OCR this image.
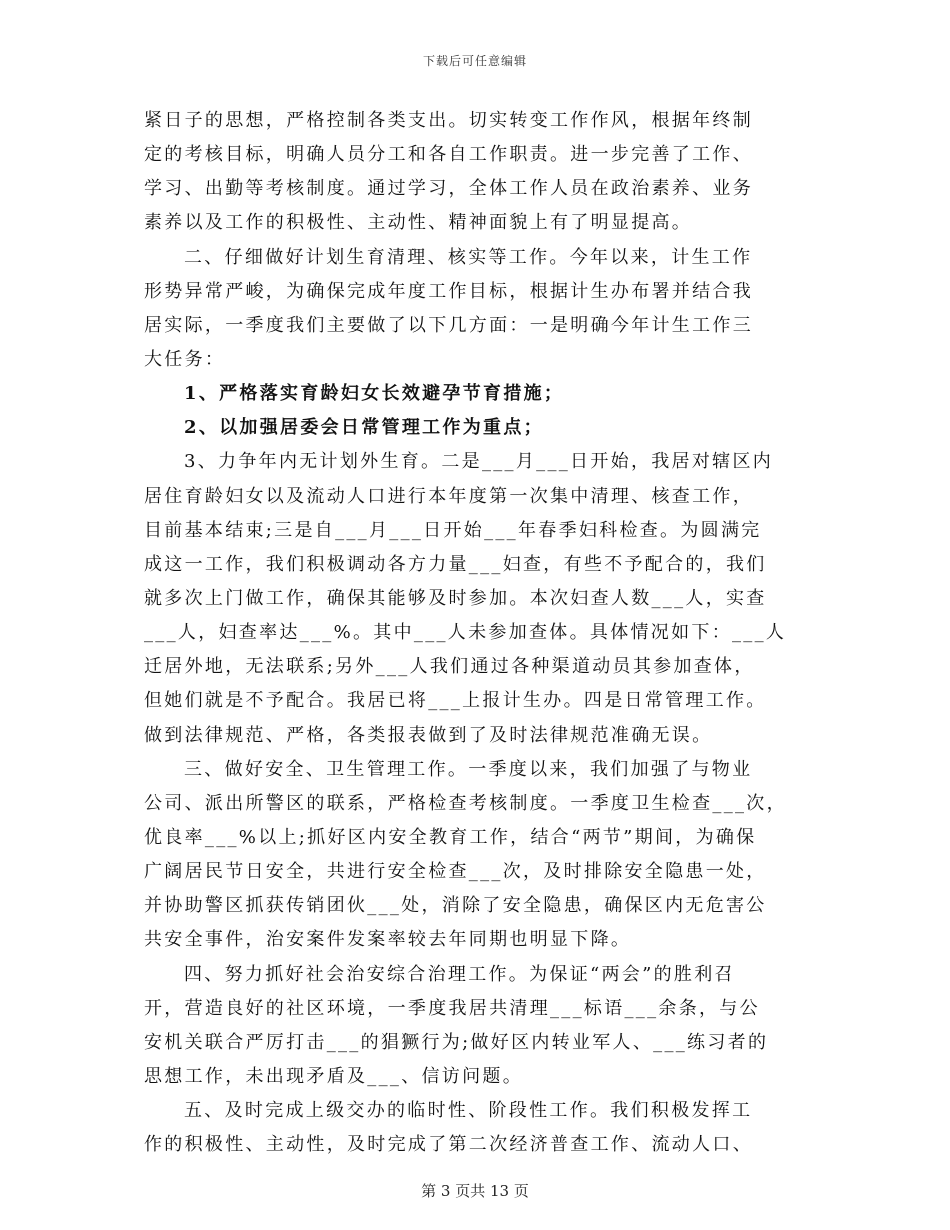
下载后可任意编辑
紧日子的思想，严格控制各类支出。切实转变工作作风，根据年终制
定的考核目标，明确人员分工和各自工作职责。进一步完善了工作、
学习、出勤等考核制度。通过学习，全体工作人员在政治素养、业务
素养以及工作的积极性、主动性、精神面貌上有了明显提高。
二、仔细做好计划生育清理、核实等工作。今年以来，计生工作
形势异常严峻，为确保完成年度工作目标，根据计生办布署并结合我
居实际，一季度我们主要做了以下几方面：一是明确今年计生工作三
大任务：
1、严格落实育龄妇女长效避孕节育措施；
2、以加强居委会日常管理工作为重点；
3、力争年内无计划外生育。二是___月___日开始，我居对辖区内
居住育龄妇女以及流动人口进行本年度第一次集中清理、核查工作，
目前基本结束;三是自___月___日开始___年春季妇科检查。为圆满完
成这一工作，我们积极调动各方力量___妇查，有些不予配合的，我们
就多次上门做工作，确保其能够及时参加。本次妇查人数___人，实查
___人，妇查率达___%。其中___人未参加查体。具体情况如下：___人
迁居外地，无法联系;另外___人我们通过各种渠道动员其参加查体，
但她们就是不予配合。我居已将___上报计生办。四是日常管理工作。
做到法律规范、严格，各类报表做到了及时法律规范准确无误。
三、做好安全、卫生管理工作。一季度以来，我们加强了与物业
公司、派出所警区的联系，严格检查考核制度。一季度卫生检查___次，
优良率___%以上;抓好区内安全教育工作，结合“两节”期间，为确保
广阔居民节日安全，共进行安全检查___次，及时排除安全隐患一处，
并协助警区抓获传销团伙___处，消除了安全隐患，确保区内无危害公
共安全事件，治安案件发案率较去年同期也明显下降。
四、努力抓好社会治安综合治理工作。为保证“两会”的胜利召
开，营造良好的社区环境，一季度我居共清理___标语___余条，与公
安机关联合严厉打击___的猖獗行为;做好区内转业军人、___练习者的
思想工作，未出现矛盾及___、信访问题。
五、及时完成上级交办的临时性、阶段性工作。我们积极发挥工
作的积极性、主动性，及时完成了第二次经济普查工作、流动人口、
第 3 页共 13 页
